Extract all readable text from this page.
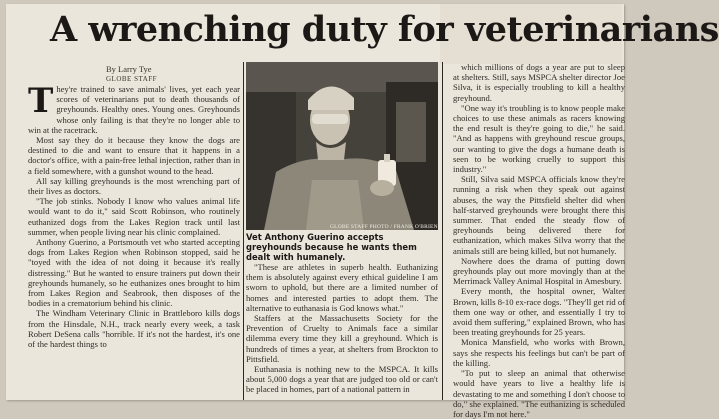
A wrenching duty for veterinarians
By Larry Tye
GLOBE STAFF

They're trained to save animals' lives, yet each year scores of veterinarians put to death thousands of greyhounds. Healthy ones. Young ones. Greyhounds whose only failing is that they're no longer able to win at the racetrack.

Most say they do it because they know the dogs are destined to die and want to ensure that it happens in a doctor's office, with a pain-free lethal injection, rather than in a field somewhere, with a gunshot wound to the head.

All say killing greyhounds is the most wrenching part of their lives as doctors.

"The job stinks. Nobody I know who values animal life would want to do it," said Scott Robinson, who routinely euthanized dogs from the Lakes Region track until last summer, when people living near his clinic complained.

Anthony Guerino, a Portsmouth vet who started accepting dogs from Lakes Region when Robinson stopped, said he "toyed with the idea of not doing it because it's really distressing." But he wanted to ensure trainers put down their greyhounds humanely, so he euthanizes ones brought to him from Lakes Region and Seabrook, then disposes of the bodies in a crematorium behind his clinic.

The Windham Veterinary Clinic in Brattleboro kills dogs from the Hinsdale, N.H., track nearly every week, a task Robert DeSena calls "horrible. If it's not the hardest, it's one of the hardest things to

GLOBE STAFF PHOTO / FRANK O'BRIEN
Vet Anthony Guerino accepts greyhounds because he wants them dealt with humanely.

"These are athletes in superb health. Euthanizing them is absolutely against every ethical guideline I am sworn to uphold, but there are a limited number of homes and interested parties to adopt them. The alternative to euthanasia is God knows what."

Staffers at the Massachusetts Society for the Prevention of Cruelty to Animals face a similar dilemma every time they kill a greyhound. Which is hundreds of times a year, at shelters from Brockton to Pittsfield.

Euthanasia is nothing new to the MSPCA. It kills about 5,000 dogs a year that are judged too old or can't be placed in homes, part of a national pattern in

which millions of dogs a year are put to sleep at shelters. Still, says MSPCA shelter director Joe Silva, it is especially troubling to kill a healthy greyhound.

"One way it's troubling is to know people make choices to use these animals as racers knowing the end result is they're going to die," he said. "And as happens with greyhound rescue groups, our wanting to give the dogs a humane death is seen to be working cruelly to support this industry."

Still, Silva said MSPCA officials know they're running a risk when they speak out against abuses, the way the Pittsfield shelter did when half-starved greyhounds were brought there this summer. That ended the steady flow of greyhounds being delivered there for euthanization, which makes Silva worry that the animals still are being killed, but not humanely.

Nowhere does the drama of putting down greyhounds play out more movingly than at the Merrimack Valley Animal Hospital in Amesbury.

Every month, the hospital owner, Walter Brown, kills 8-10 ex-race dogs. "They'll get rid of them one way or other, and essentially I try to avoid them suffering," explained Brown, who has been treating greyhounds for 25 years.

Monica Mansfield, who works with Brown, says she respects his feelings but can't be part of the killing.

"To put to sleep an animal that otherwise would have years to live a healthy life is devastating to me and something I don't choose to do," she explained. "The euthanizing is scheduled for days I'm not here."
